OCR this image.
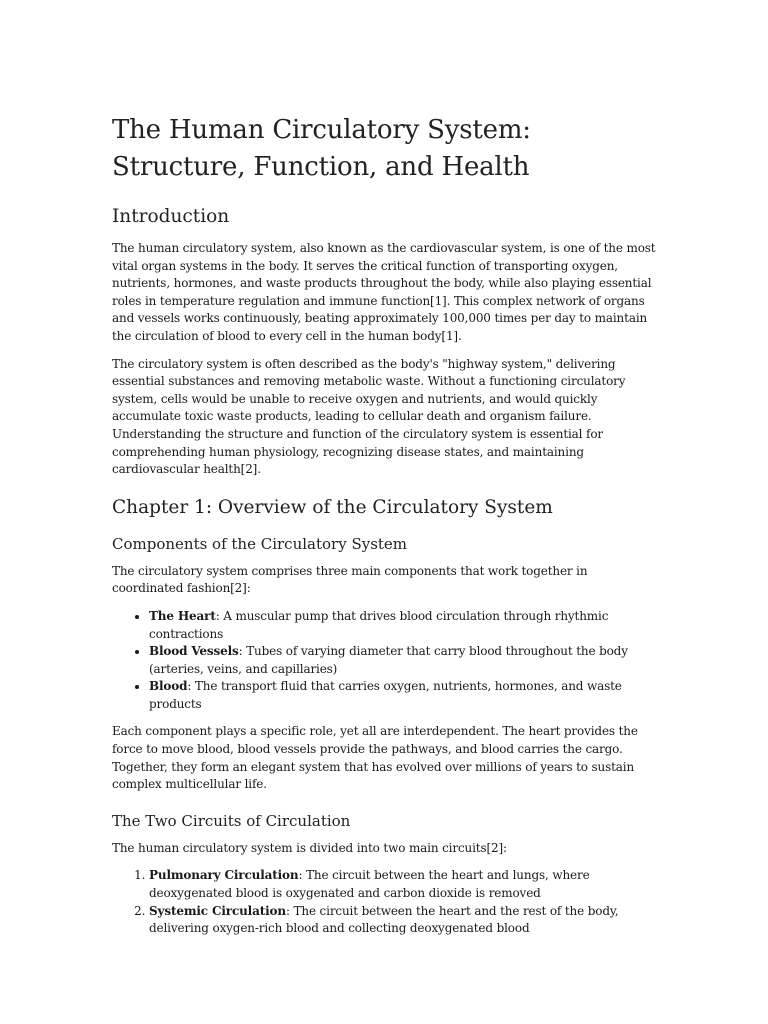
The Human Circulatory System: Structure, Function, and Health
Introduction

The human circulatory system, also known as the cardiovascular system, is one of the most vital organ systems in the body. It serves the critical function of transporting oxygen, nutrients, hormones, and waste products throughout the body, while also playing essential roles in temperature regulation and immune function[1]. This complex network of organs and vessels works continuously, beating approximately 100,000 times per day to maintain the circulation of blood to every cell in the human body[1].

The circulatory system is often described as the body's "highway system," delivering essential substances and removing metabolic waste. Without a functioning circulatory system, cells would be unable to receive oxygen and nutrients, and would quickly accumulate toxic waste products, leading to cellular death and organism failure. Understanding the structure and function of the circulatory system is essential for comprehending human physiology, recognizing disease states, and maintaining cardiovascular health[2].

Chapter 1: Overview of the Circulatory System
Components of the Circulatory System

The circulatory system comprises three main components that work together in coordinated fashion[2]:

• The Heart: A muscular pump that drives blood circulation through rhythmic contractions
• Blood Vessels: Tubes of varying diameter that carry blood throughout the body (arteries, veins, and capillaries)
• Blood: The transport fluid that carries oxygen, nutrients, hormones, and waste products

Each component plays a specific role, yet all are interdependent. The heart provides the force to move blood, blood vessels provide the pathways, and blood carries the cargo. Together, they form an elegant system that has evolved over millions of years to sustain complex multicellular life.

The Two Circuits of Circulation

The human circulatory system is divided into two main circuits[2]:

1. Pulmonary Circulation: The circuit between the heart and lungs, where deoxygenated blood is oxygenated and carbon dioxide is removed
2. Systemic Circulation: The circuit between the heart and the rest of the body, delivering oxygen-rich blood and collecting deoxygenated blood
